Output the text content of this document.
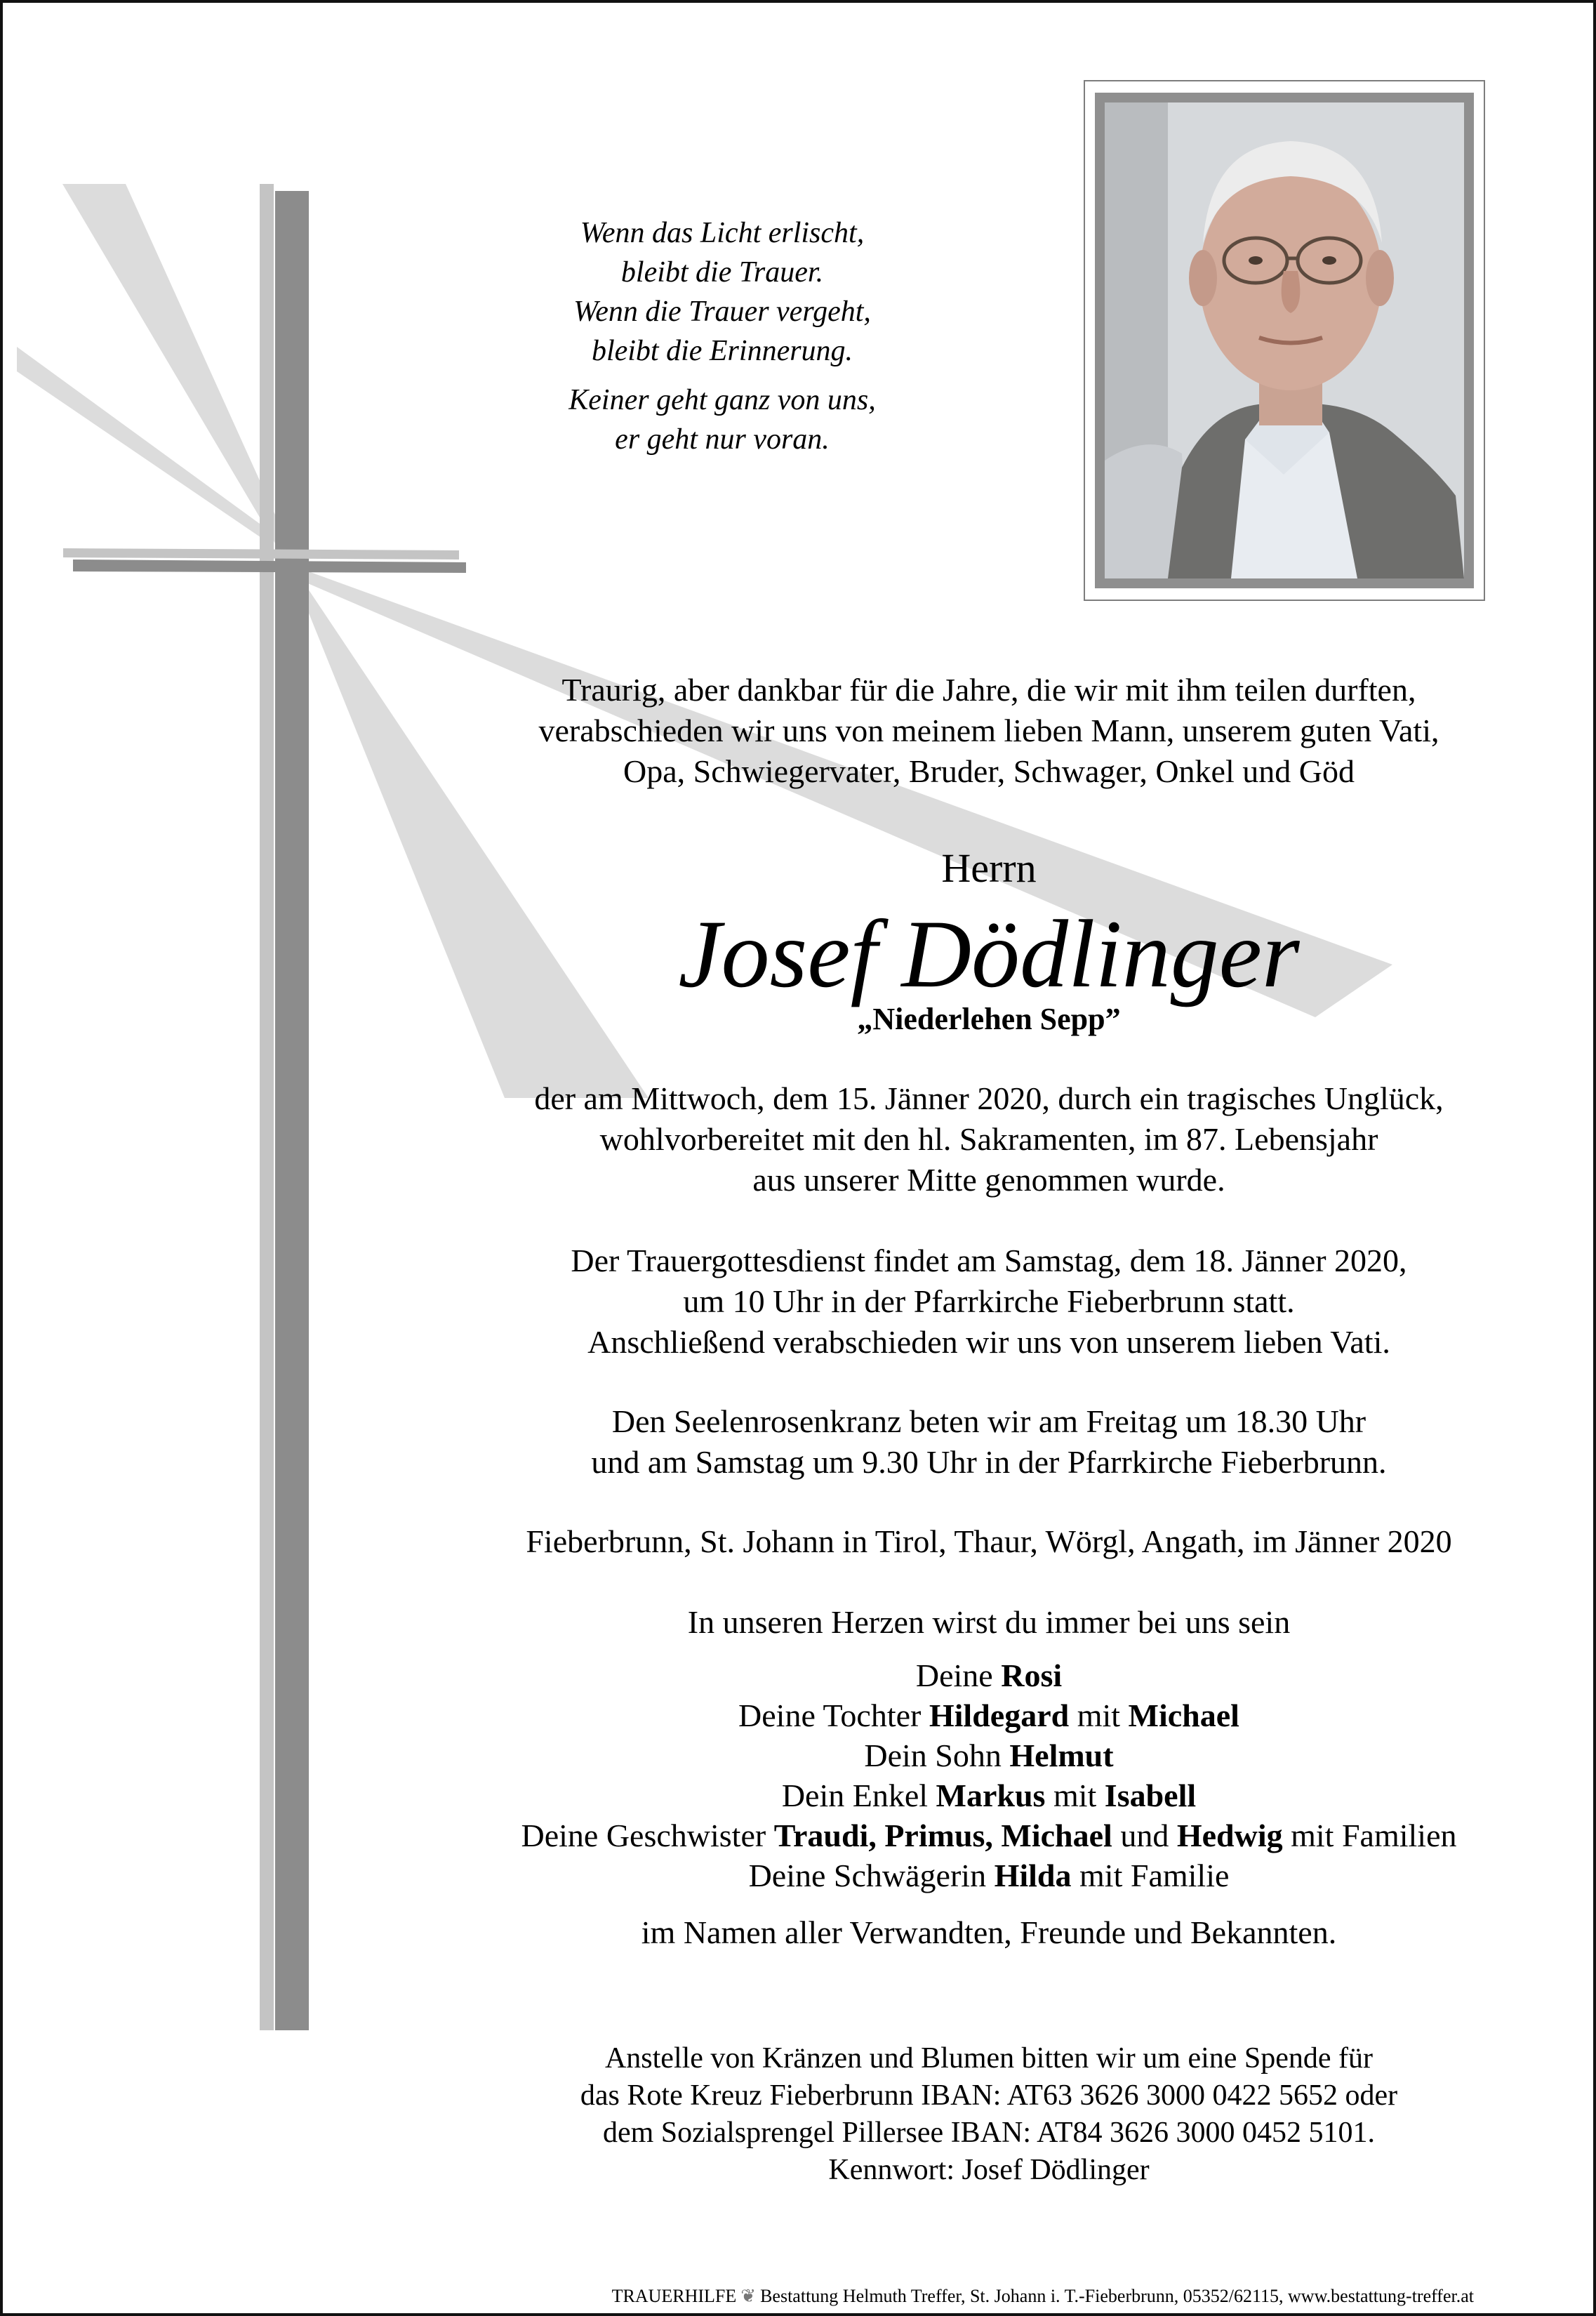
Wenn das Licht erlischt,
bleibt die Trauer.
Wenn die Trauer vergeht,
bleibt die Erinnerung.

Keiner geht ganz von uns,
er geht nur voran.

Traurig, aber dankbar für die Jahre, die wir mit ihm teilen durften,
verabschieden wir uns von meinem lieben Mann, unserem guten Vati,
Opa, Schwiegervater, Bruder, Schwager, Onkel und Göd

Herrn
Josef Dödlinger
„Niederlehen Sepp”

der am Mittwoch, dem 15. Jänner 2020, durch ein tragisches Unglück,
wohlvorbereitet mit den hl. Sakramenten, im 87. Lebensjahr
aus unserer Mitte genommen wurde.

Der Trauergottesdienst findet am Samstag, dem 18. Jänner 2020,
um 10 Uhr in der Pfarrkirche Fieberbrunn statt.
Anschließend verabschieden wir uns von unserem lieben Vati.

Den Seelenrosenkranz beten wir am Freitag um 18.30 Uhr
und am Samstag um 9.30 Uhr in der Pfarrkirche Fieberbrunn.

Fieberbrunn, St. Johann in Tirol, Thaur, Wörgl, Angath, im Jänner 2020
In unseren Herzen wirst du immer bei uns sein

Deine Rosi

Deine Tochter Hildegard mit Michael

Dein Sohn Helmut

Dein Enkel Markus mit Isabell

Deine Geschwister Traudi, Primus, Michael und Hedwig mit Familien

Deine Schwägerin Hilda mit Familie

im Namen aller Verwandten, Freunde und Bekannten.

Anstelle von Kränzen und Blumen bitten wir um eine Spende für
das Rote Kreuz Fieberbrunn IBAN: AT63 3626 3000 0422 5652 oder
dem Sozialsprengel Pillersee IBAN: AT84 3626 3000 0452 5101.
Kennwort: Josef Dödlinger

TRAUERHILFE ❦ Bestattung Helmuth Treffer, St. Johann i. T.-Fieberbrunn, 05352/62115, www.bestattung-treffer.at
